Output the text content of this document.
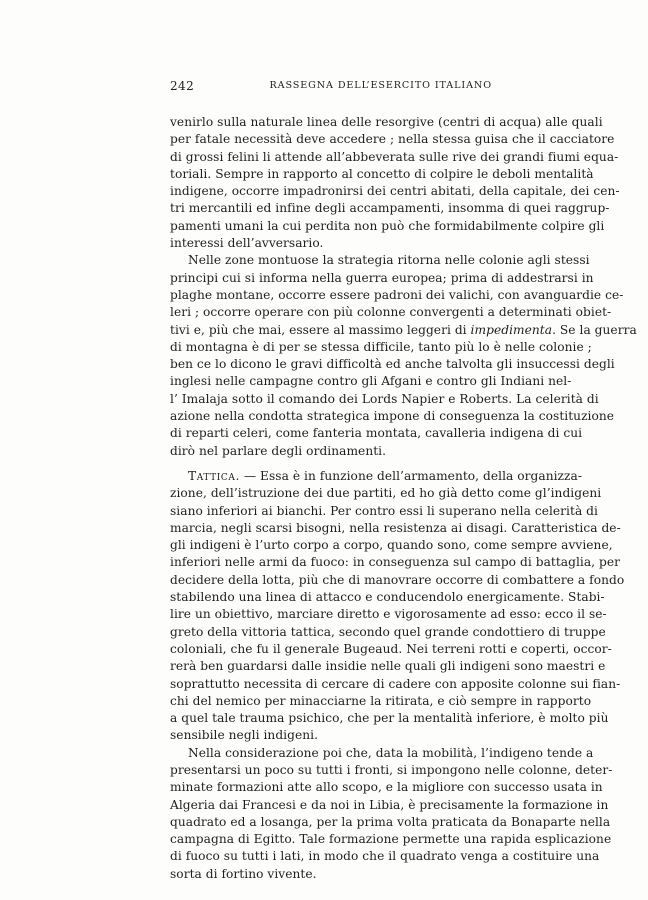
242	RASSEGNA DELL’ESERCITO ITALIANO
venirlo sulla naturale linea delle resorgive (centri di acqua) alle quali
per fatale necessità deve accedere ; nella stessa guisa che il cacciatore
di grossi felini li attende all’abbeverata sulle rive dei grandi fiumi equa-
toriali. Sempre in rapporto al concetto di colpire le deboli mentalità
indigene, occorre impadronirsi dei centri abitati, della capitale, dei cen-
tri mercantili ed infine degli accampamenti, insomma di quei raggrup-
pamenti umani la cui perdita non può che formidabilmente colpire gli
interessi dell’avversario.
Nelle zone montuose la strategia ritorna nelle colonie agli stessi
principi cui si informa nella guerra europea; prima di addestrarsi in
plaghe montane, occorre essere padroni dei valichi, con avanguardie ce-
leri ; occorre operare con più colonne convergenti a determinati obiet-
tivi e, più che mai, essere al massimo leggeri di impedimenta. Se la guerra
di montagna è di per se stessa difficile, tanto più lo è nelle colonie ;
ben ce lo dicono le gravi difficoltà ed anche talvolta gli insuccessi degli
inglesi nelle campagne contro gli Afgani e contro gli Indiani nel-
l’ Imalaja sotto il comando dei Lords Napier e Roberts. La celerità di
azione nella condotta strategica impone di conseguenza la costituzione
di reparti celeri, come fanteria montata, cavalleria indigena di cui
dirò nel parlare degli ordinamenti.
Tattica. — Essa è in funzione dell’armamento, della organizza-
zione, dell’istruzione dei due partiti, ed ho già detto come gl’indigeni
siano inferiori ai bianchi. Per contro essi li superano nella celerità di
marcia, negli scarsi bisogni, nella resistenza ai disagi. Caratteristica de-
gli indigeni è l’urto corpo a corpo, quando sono, come sempre avviene,
inferiori nelle armi da fuoco: in conseguenza sul campo di battaglia, per
decidere della lotta, più che di manovrare occorre di combattere a fondo
stabilendo una linea di attacco e conducendolo energicamente. Stabi-
lire un obiettivo, marciare diretto e vigorosamente ad esso: ecco il se-
greto della vittoria tattica, secondo quel grande condottiero di truppe
coloniali, che fu il generale Bugeaud. Nei terreni rotti e coperti, occor-
rerà ben guardarsi dalle insidie nelle quali gli indigeni sono maestri e
soprattutto necessita di cercare di cadere con apposite colonne sui fian-
chi del nemico per minacciarne la ritirata, e ciò sempre in rapporto
a quel tale trauma psichico, che per la mentalità inferiore, è molto più
sensibile negli indigeni.
Nella considerazione poi che, data la mobilità, l’indigeno tende a
presentarsi un poco su tutti i fronti, si impongono nelle colonne, deter-
minate formazioni atte allo scopo, e la migliore con successo usata in
Algeria dai Francesi e da noi in Libia, è precisamente la formazione in
quadrato ed a losanga, per la prima volta praticata da Bonaparte nella
campagna di Egitto. Tale formazione permette una rapida esplicazione
di fuoco su tutti i lati, in modo che il quadrato venga a costituire una
sorta di fortino vivente.
